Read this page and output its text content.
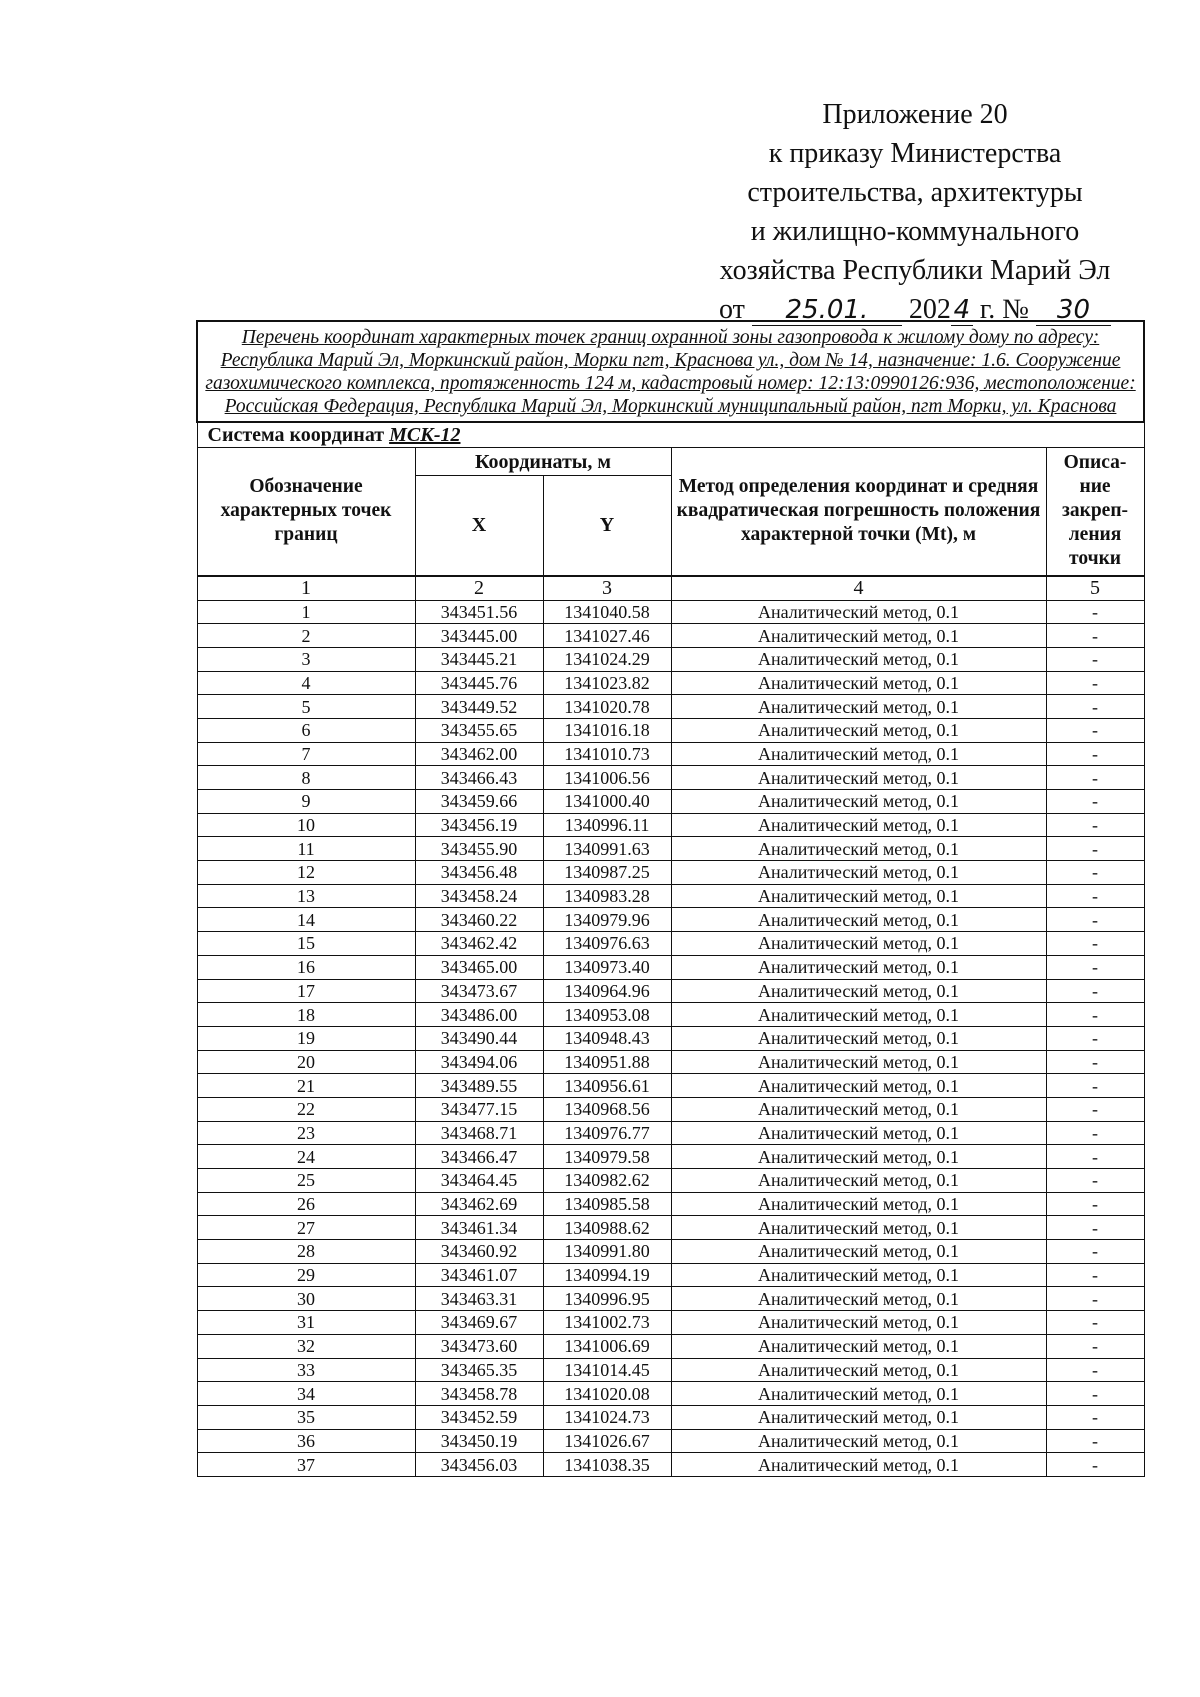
Приложение 20
к приказу Министерства
строительства, архитектуры
и жилищно-коммунального
хозяйства Республики Марий Эл
от 25.01. 202 4 г. № 30
Перечень координат характерных точек границ охранной зоны газопровода к жилому дому по адресу: Республика Марий Эл, Моркинский район, Морки пгт, Краснова ул., дом № 14, назначение: 1.6. Сооружение газохимического комплекса, протяженность 124 м, кадастровый номер: 12:13:0990126:936, местоположение: Российская Федерация, Республика Марий Эл, Моркинский муниципальный район, пгт Морки, ул. Краснова				
Система координат МСК-12				
Обозначение характерных точек границ	Координаты, м		Метод определения координат и средняя квадратическая погрешность положения характерной точки (Mt), м	Описа- ние закреп- ления точки
	X	Y		
1	2	3	4	5
1	343451.56	1341040.58	Аналитический метод, 0.1	-
2	343445.00	1341027.46	Аналитический метод, 0.1	-
3	343445.21	1341024.29	Аналитический метод, 0.1	-
4	343445.76	1341023.82	Аналитический метод, 0.1	-
5	343449.52	1341020.78	Аналитический метод, 0.1	-
6	343455.65	1341016.18	Аналитический метод, 0.1	-
7	343462.00	1341010.73	Аналитический метод, 0.1	-
8	343466.43	1341006.56	Аналитический метод, 0.1	-
9	343459.66	1341000.40	Аналитический метод, 0.1	-
10	343456.19	1340996.11	Аналитический метод, 0.1	-
11	343455.90	1340991.63	Аналитический метод, 0.1	-
12	343456.48	1340987.25	Аналитический метод, 0.1	-
13	343458.24	1340983.28	Аналитический метод, 0.1	-
14	343460.22	1340979.96	Аналитический метод, 0.1	-
15	343462.42	1340976.63	Аналитический метод, 0.1	-
16	343465.00	1340973.40	Аналитический метод, 0.1	-
17	343473.67	1340964.96	Аналитический метод, 0.1	-
18	343486.00	1340953.08	Аналитический метод, 0.1	-
19	343490.44	1340948.43	Аналитический метод, 0.1	-
20	343494.06	1340951.88	Аналитический метод, 0.1	-
21	343489.55	1340956.61	Аналитический метод, 0.1	-
22	343477.15	1340968.56	Аналитический метод, 0.1	-
23	343468.71	1340976.77	Аналитический метод, 0.1	-
24	343466.47	1340979.58	Аналитический метод, 0.1	-
25	343464.45	1340982.62	Аналитический метод, 0.1	-
26	343462.69	1340985.58	Аналитический метод, 0.1	-
27	343461.34	1340988.62	Аналитический метод, 0.1	-
28	343460.92	1340991.80	Аналитический метод, 0.1	-
29	343461.07	1340994.19	Аналитический метод, 0.1	-
30	343463.31	1340996.95	Аналитический метод, 0.1	-
31	343469.67	1341002.73	Аналитический метод, 0.1	-
32	343473.60	1341006.69	Аналитический метод, 0.1	-
33	343465.35	1341014.45	Аналитический метод, 0.1	-
34	343458.78	1341020.08	Аналитический метод, 0.1	-
35	343452.59	1341024.73	Аналитический метод, 0.1	-
36	343450.19	1341026.67	Аналитический метод, 0.1	-
37	343456.03	1341038.35	Аналитический метод, 0.1	-
